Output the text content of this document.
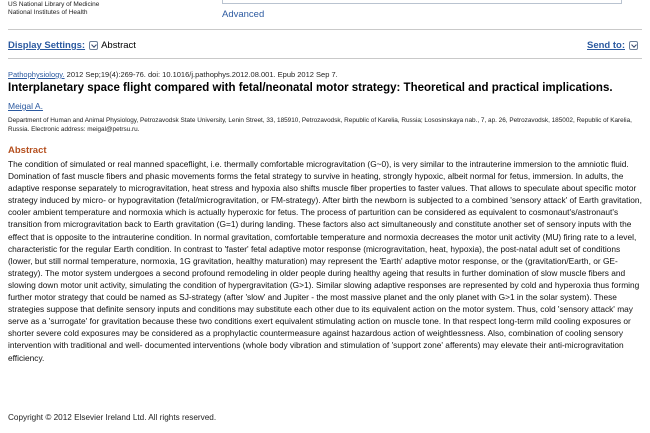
US National Library of Medicine
National Institutes of Health	Advanced
Display Settings: Abstract	Send to:
Pathophysiology. 2012 Sep;19(4):269-76. doi: 10.1016/j.pathophys.2012.08.001. Epub 2012 Sep 7.
Interplanetary space flight compared with fetal/neonatal motor strategy: Theoretical and practical implications.
Meigal A.
Department of Human and Animal Physiology, Petrozavodsk State University, Lenin Street, 33, 185910, Petrozavodsk, Republic of Karelia, Russia; Lososinskaya nab., 7, ap. 26, Petrozavodsk, 185002, Republic of Karelia, Russia. Electronic address: meigal@petrsu.ru.
Abstract
The condition of simulated or real manned spaceflight, i.e. thermally comfortable microgravitation (G~0), is very similar to the intrauterine immersion to the amniotic fluid. Domination of fast muscle fibers and phasic movements forms the fetal strategy to survive in heating, strongly hypoxic, albeit normal for fetus, immersion. In adults, the adaptive response separately to microgravitation, heat stress and hypoxia also shifts muscle fiber properties to faster values. That allows to speculate about specific motor strategy induced by micro- or hypogravitation (fetal/microgravitation, or FM-strategy). After birth the newborn is subjected to a combined 'sensory attack' of Earth gravitation, cooler ambient temperature and normoxia which is actually hyperoxic for fetus. The process of parturition can be considered as equivalent to cosmonaut's/astronaut's transition from microgravitation back to Earth gravitation (G=1) during landing. These factors also act simultaneously and constitute another set of sensory inputs with the effect that is opposite to the intrauterine condition. In normal gravitation, comfortable temperature and normoxia decreases the motor unit activity (MU) firing rate to a level, characteristic for the regular Earth condition. In contrast to 'faster' fetal adaptive motor response (microgravitation, heat, hypoxia), the post-natal adult set of conditions (lower, but still normal temperature, normoxia, 1G gravitation, healthy maturation) may represent the 'Earth' adaptive motor response, or the (gravitation/Earth, or GE-strategy). The motor system undergoes a second profound remodeling in older people during healthy ageing that results in further domination of slow muscle fibers and slowing down motor unit activity, simulating the condition of hypergravitation (G>1). Similar slowing adaptive responses are represented by cold and hyperoxia thus forming further motor strategy that could be named as SJ-strategy (after 'slow' and Jupiter - the most massive planet and the only planet with G>1 in the solar system). These strategies suppose that definite sensory inputs and conditions may substitute each other due to its equivalent action on the motor system. Thus, cold 'sensory attack' may serve as a 'surrogate' for gravitation because these two conditions exert equivalent stimulating action on muscle tone. In that respect long-term mild cooling exposures or shorter severe cold exposures may be considered as a prophylactic countermeasure against hazardous action of weightlessness. Also, combination of cooling sensory intervention with traditional and well- documented interventions (whole body vibration and stimulation of 'support zone' afferents) may elevate their anti-microgravitation efficiency.
Copyright © 2012 Elsevier Ireland Ltd. All rights reserved.
